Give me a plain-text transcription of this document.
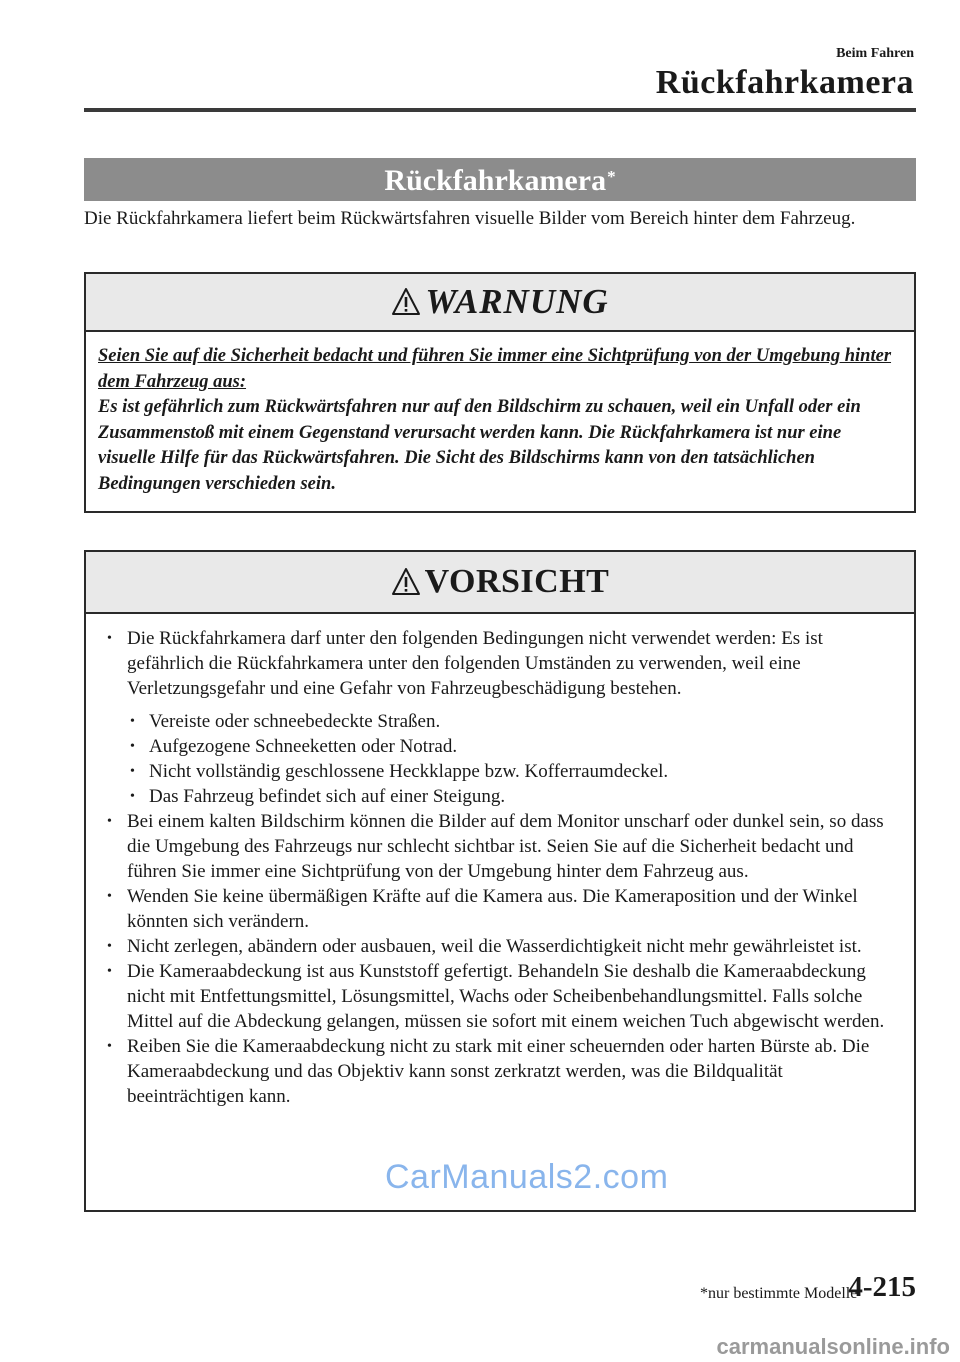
Beim Fahren
Rückfahrkamera
Rückfahrkamera*
Die Rückfahrkamera liefert beim Rückwärtsfahren visuelle Bilder vom Bereich hinter dem Fahrzeug.
WARNUNG
Seien Sie auf die Sicherheit bedacht und führen Sie immer eine Sichtprüfung von der Umgebung hinter dem Fahrzeug aus:
Es ist gefährlich zum Rückwärtsfahren nur auf den Bildschirm zu schauen, weil ein Unfall oder ein Zusammenstoß mit einem Gegenstand verursacht werden kann. Die Rückfahrkamera ist nur eine visuelle Hilfe für das Rückwärtsfahren. Die Sicht des Bildschirms kann von den tatsächlichen Bedingungen verschieden sein.
VORSICHT
• Die Rückfahrkamera darf unter den folgenden Bedingungen nicht verwendet werden: Es ist gefährlich die Rückfahrkamera unter den folgenden Umständen zu verwenden, weil eine Verletzungsgefahr und eine Gefahr von Fahrzeugbeschädigung bestehen.
• Vereiste oder schneebedeckte Straßen.
• Aufgezogene Schneeketten oder Notrad.
• Nicht vollständig geschlossene Heckklappe bzw. Kofferraumdeckel.
• Das Fahrzeug befindet sich auf einer Steigung.
• Bei einem kalten Bildschirm können die Bilder auf dem Monitor unscharf oder dunkel sein, so dass die Umgebung des Fahrzeugs nur schlecht sichtbar ist. Seien Sie auf die Sicherheit bedacht und führen Sie immer eine Sichtprüfung von der Umgebung hinter dem Fahrzeug aus.
• Wenden Sie keine übermäßigen Kräfte auf die Kamera aus. Die Kameraposition und der Winkel könnten sich verändern.
• Nicht zerlegen, abändern oder ausbauen, weil die Wasserdichtigkeit nicht mehr gewährleistet ist.
• Die Kameraabdeckung ist aus Kunststoff gefertigt. Behandeln Sie deshalb die Kameraabdeckung nicht mit Entfettungsmittel, Lösungsmittel, Wachs oder Scheibenbehandlungsmittel. Falls solche Mittel auf die Abdeckung gelangen, müssen sie sofort mit einem weichen Tuch abgewischt werden.
• Reiben Sie die Kameraabdeckung nicht zu stark mit einer scheuernden oder harten Bürste ab. Die Kameraabdeckung und das Objektiv kann sonst zerkratzt werden, was die Bildqualität beeinträchtigen kann.
CarManuals2.com
*nur bestimmte Modelle
4-215
carmanualsonline.info
